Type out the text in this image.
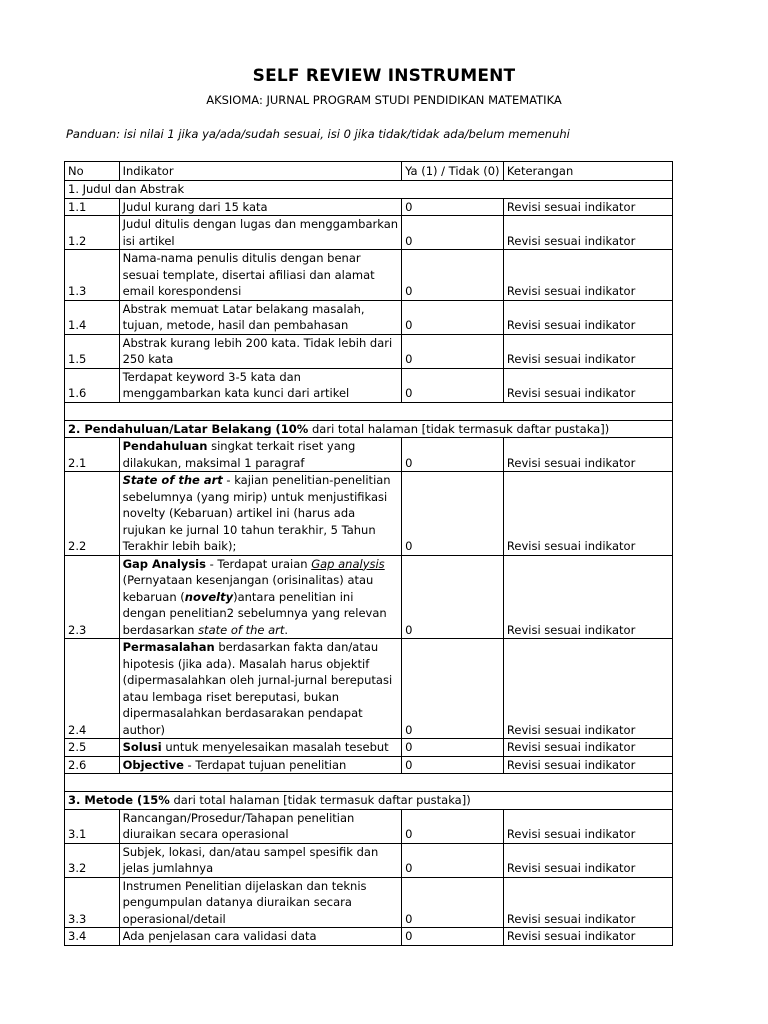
SELF REVIEW INSTRUMENT
AKSIOMA: JURNAL PROGRAM STUDI PENDIDIKAN MATEMATIKA
Panduan: isi nilai 1 jika ya/ada/sudah sesuai, isi 0 jika tidak/tidak ada/belum memenuhi
No	Indikator	Ya (1) / Tidak (0)	Keterangan
1. Judul dan Abstrak			
1.1	Judul kurang dari 15 kata	0	Revisi sesuai indikator
1.2	Judul ditulis dengan lugas dan menggambarkan isi artikel	0	Revisi sesuai indikator
1.3	Nama-nama penulis ditulis dengan benar sesuai template, disertai afiliasi dan alamat email korespondensi	0	Revisi sesuai indikator
1.4	Abstrak memuat Latar belakang masalah, tujuan, metode, hasil dan pembahasan	0	Revisi sesuai indikator
1.5	Abstrak kurang lebih 200 kata. Tidak lebih dari 250 kata	0	Revisi sesuai indikator
1.6	Terdapat keyword 3-5 kata dan menggambarkan kata kunci dari artikel	0	Revisi sesuai indikator

2. Pendahuluan/Latar Belakang (10% dari total halaman [tidak termasuk daftar pustaka])			
2.1	Pendahuluan singkat terkait riset yang dilakukan, maksimal 1 paragraf	0	Revisi sesuai indikator
2.2	State of the art - kajian penelitian-penelitian sebelumnya (yang mirip) untuk menjustifikasi novelty (Kebaruan) artikel ini (harus ada rujukan ke jurnal 10 tahun terakhir, 5 Tahun Terakhir lebih baik);	0	Revisi sesuai indikator
2.3	Gap Analysis - Terdapat uraian Gap analysis (Pernyataan kesenjangan (orisinalitas) atau kebaruan (novelty)antara penelitian ini dengan penelitian2 sebelumnya yang relevan berdasarkan state of the art.	0	Revisi sesuai indikator
2.4	Permasalahan berdasarkan fakta dan/atau hipotesis (jika ada). Masalah harus objektif (dipermasalahkan oleh jurnal-jurnal bereputasi atau lembaga riset bereputasi, bukan dipermasalahkan berdasarakan pendapat author)	0	Revisi sesuai indikator
2.5	Solusi untuk menyelesaikan masalah tesebut	0	Revisi sesuai indikator
2.6	Objective - Terdapat tujuan penelitian	0	Revisi sesuai indikator

3. Metode (15% dari total halaman [tidak termasuk daftar pustaka])			
3.1	Rancangan/Prosedur/Tahapan penelitian diuraikan secara operasional	0	Revisi sesuai indikator
3.2	Subjek, lokasi, dan/atau sampel spesifik dan jelas jumlahnya	0	Revisi sesuai indikator
3.3	Instrumen Penelitian dijelaskan dan teknis pengumpulan datanya diuraikan secara operasional/detail	0	Revisi sesuai indikator
3.4	Ada penjelasan cara validasi data	0	Revisi sesuai indikator
